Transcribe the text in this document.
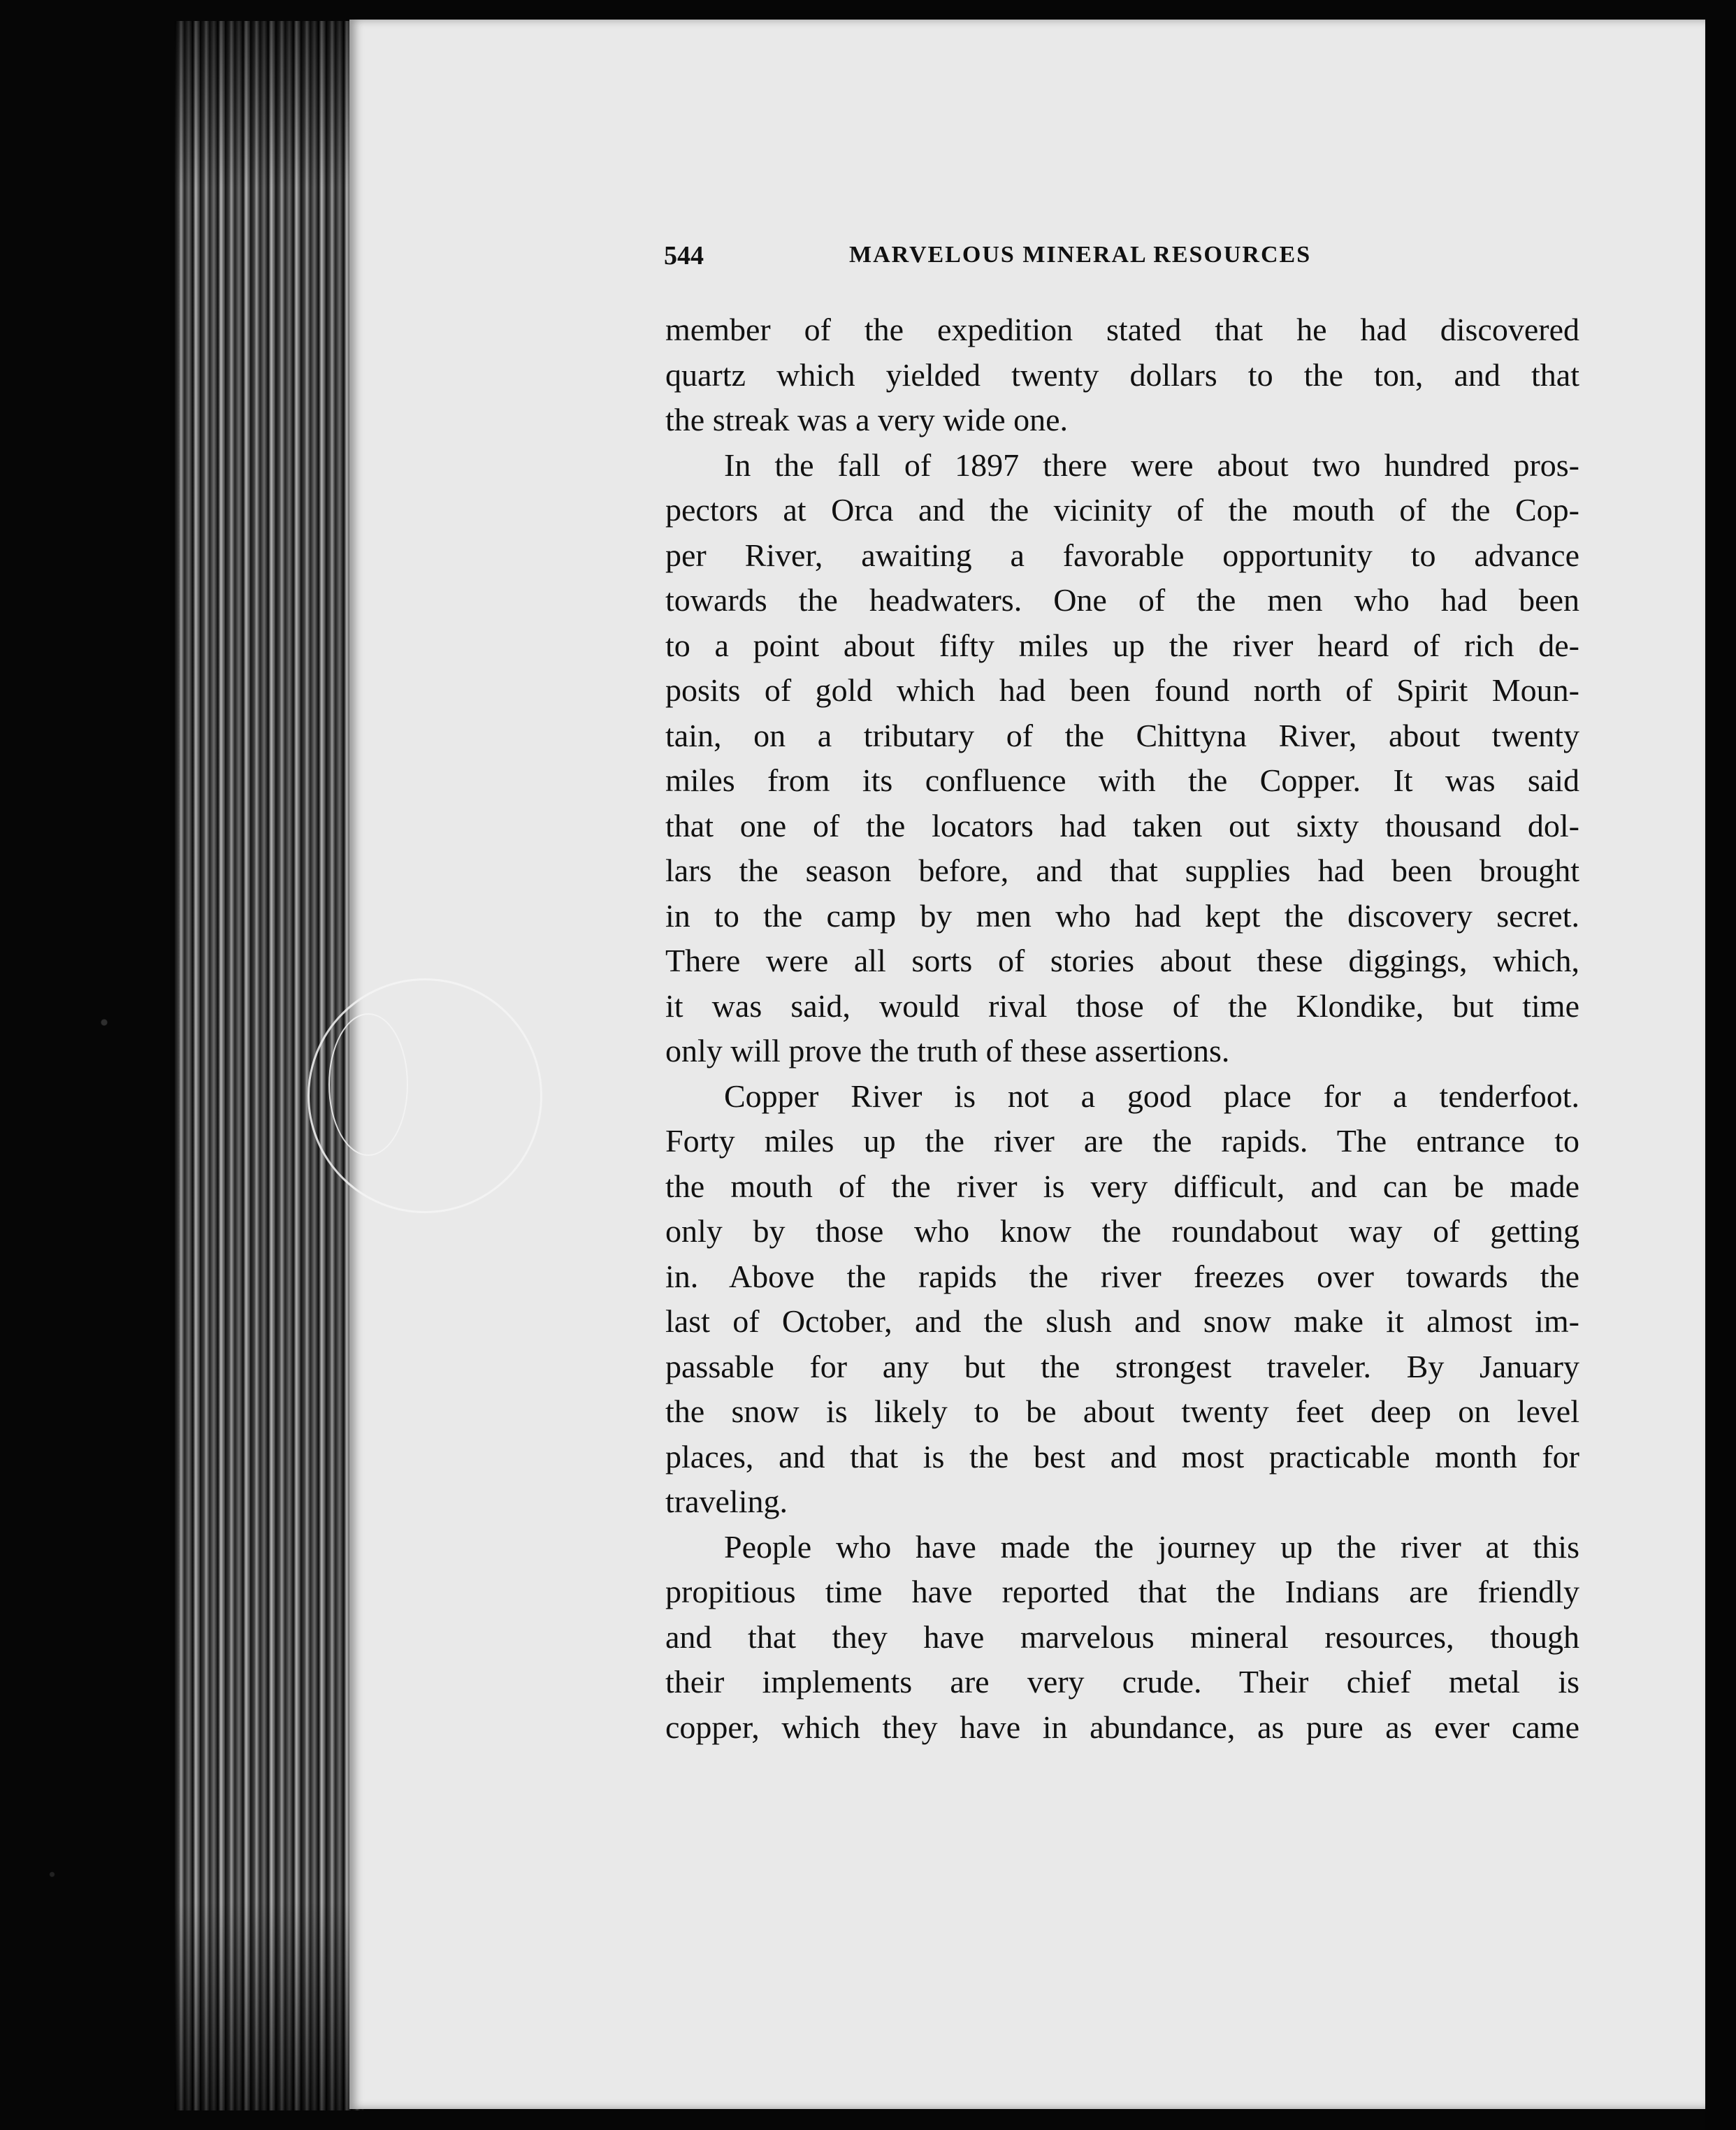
544	MARVELOUS MINERAL RESOURCES
member of the expedition stated that he had discovered
quartz which yielded twenty dollars to the ton, and that
the streak was a very wide one.
In the fall of 1897 there were about two hundred pros-
pectors at Orca and the vicinity of the mouth of the Cop-
per River, awaiting a favorable opportunity to advance
towards the headwaters. One of the men who had been
to a point about fifty miles up the river heard of rich de-
posits of gold which had been found north of Spirit Moun-
tain, on a tributary of the Chittyna River, about twenty
miles from its confluence with the Copper. It was said
that one of the locators had taken out sixty thousand dol-
lars the season before, and that supplies had been brought
in to the camp by men who had kept the discovery secret.
There were all sorts of stories about these diggings, which,
it was said, would rival those of the Klondike, but time
only will prove the truth of these assertions.
Copper River is not a good place for a tenderfoot.
Forty miles up the river are the rapids. The entrance to
the mouth of the river is very difficult, and can be made
only by those who know the roundabout way of getting
in. Above the rapids the river freezes over towards the
last of October, and the slush and snow make it almost im-
passable for any but the strongest traveler. By January
the snow is likely to be about twenty feet deep on level
places, and that is the best and most practicable month for
traveling.
People who have made the journey up the river at this
propitious time have reported that the Indians are friendly
and that they have marvelous mineral resources, though
their implements are very crude. Their chief metal is
copper, which they have in abundance, as pure as ever came
